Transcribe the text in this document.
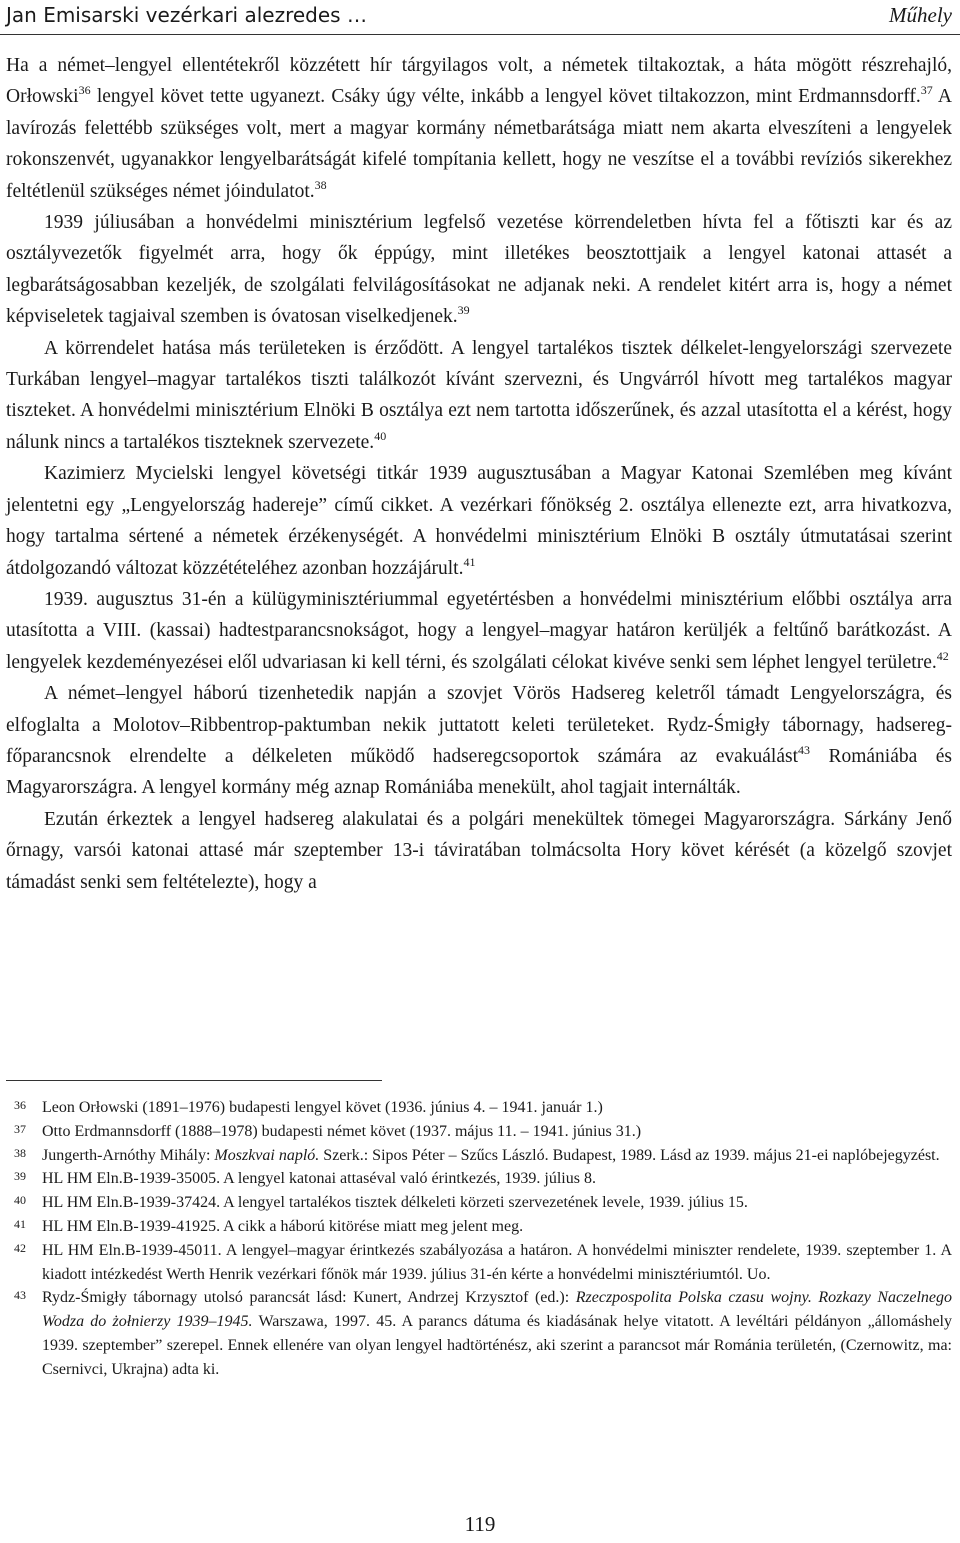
Jan Emisarski vezérkari alezredes …	Műhely

Ha a német–lengyel ellentétekről közzétett hír tárgyilagos volt, a németek tiltakoztak, a háta mögött részrehajló, Orłowski$^{36}$ lengyel követ tette ugyanezt. Csáky úgy vélte, inkább a lengyel követ tiltakozzon, mint Erdmannsdorff.$^{37}$ A lavírozás felettébb szükséges volt, mert a magyar kormány németbarátsága miatt nem akarta elveszíteni a lengyelek rokonszenvét, ugyanakkor lengyelbarátságát kifelé tompítania kellett, hogy ne veszítse el a további revíziós sikerekhez feltétlenül szükséges német jóindulatot.$^{38}$

1939 júliusában a honvédelmi minisztérium legfelső vezetése körrendeletben hívta fel a főtiszti kar és az osztályvezetők figyelmét arra, hogy ők éppúgy, mint illetékes beosztottjaik a lengyel katonai attasét a legbarátságosabban kezeljék, de szolgálati felvilágosításokat ne adjanak neki. A rendelet kitért arra is, hogy a német képviseletek tagjaival szemben is óvatosan viselkedjenek.$^{39}$

A körrendelet hatása más területeken is érződött. A lengyel tartalékos tisztek délkelet-lengyelországi szervezete Turkában lengyel–magyar tartalékos tiszti találkozót kívánt szervezni, és Ungvárról hívott meg tartalékos magyar tiszteket. A honvédelmi minisztérium Elnöki B osztálya ezt nem tartotta időszerűnek, és azzal utasította el a kérést, hogy nálunk nincs a tartalékos tiszteknek szervezete.$^{40}$

Kazimierz Mycielski lengyel követségi titkár 1939 augusztusában a Magyar Katonai Szemlében meg kívánt jelentetni egy „Lengyelország hadereje” című cikket. A vezérkari főnökség 2. osztálya ellenezte ezt, arra hivatkozva, hogy tartalma sértené a németek érzékenységét. A honvédelmi minisztérium Elnöki B osztály útmutatásai szerint átdolgozandó változat közzétételéhez azonban hozzájárult.$^{41}$

1939. augusztus 31-én a külügyminisztériummal egyetértésben a honvédelmi minisztérium előbbi osztálya arra utasította a VIII. (kassai) hadtestparancsnokságot, hogy a lengyel–magyar határon kerüljék a feltűnő barátkozást. A lengyelek kezdeményezései elől udvariasan ki kell térni, és szolgálati célokat kivéve senki sem léphet lengyel területre.$^{42}$

A német–lengyel háború tizenhetedik napján a szovjet Vörös Hadsereg keletről támadt Lengyelországra, és elfoglalta a Molotov–Ribbentrop-paktumban nekik juttatott keleti területeket. Rydz-Śmigły tábornagy, hadsereg-főparancsnok elrendelte a délkeleten működő hadseregcsoportok számára az evakuálást$^{43}$ Romániába és Magyarországra. A lengyel kormány még aznap Romániába menekült, ahol tagjait internálták.

Ezután érkeztek a lengyel hadsereg alakulatai és a polgári menekültek tömegei Magyarországra. Sárkány Jenő őrnagy, varsói katonai attasé már szeptember 13-i táviratában tolmácsolta Hory követ kérését (a közelgő szovjet támadást senki sem feltételezte), hogy a

36 Leon Orłowski (1891–1976) budapesti lengyel követ (1936. június 4. – 1941. január 1.)

37 Otto Erdmannsdorff (1888–1978) budapesti német követ (1937. május 11. – 1941. június 31.)

38 Jungerth-Arnóthy Mihály: Moszkvai napló. Szerk.: Sipos Péter – Szűcs László. Budapest, 1989. Lásd az 1939. május 21-ei naplóbejegyzést.

39 HL HM Eln.B-1939-35005. A lengyel katonai attaséval való érintkezés, 1939. július 8.

40 HL HM Eln.B-1939-37424. A lengyel tartalékos tisztek délkeleti körzeti szervezetének levele, 1939. július 15.

41 HL HM Eln.B-1939-41925. A cikk a háború kitörése miatt meg jelent meg.

42 HL HM Eln.B-1939-45011. A lengyel–magyar érintkezés szabályozása a határon. A honvédelmi miniszter rendelete, 1939. szeptember 1. A kiadott intézkedést Werth Henrik vezérkari főnök már 1939. július 31-én kérte a honvédelmi minisztériumtól. Uo.

43 Rydz-Śmigły tábornagy utolsó parancsát lásd: Kunert, Andrzej Krzysztof (ed.): Rzeczpospolita Polska czasu wojny. Rozkazy Naczelnego Wodza do żołnierzy 1939–1945. Warszawa, 1997. 45. A parancs dátuma és kiadásának helye vitatott. A levéltári példányon „állomáshely 1939. szeptember” szerepel. Ennek ellenére van olyan lengyel hadtörténész, aki szerint a parancsot már Románia területén, (Czernowitz, ma: Csernivci, Ukrajna) adta ki.

119
